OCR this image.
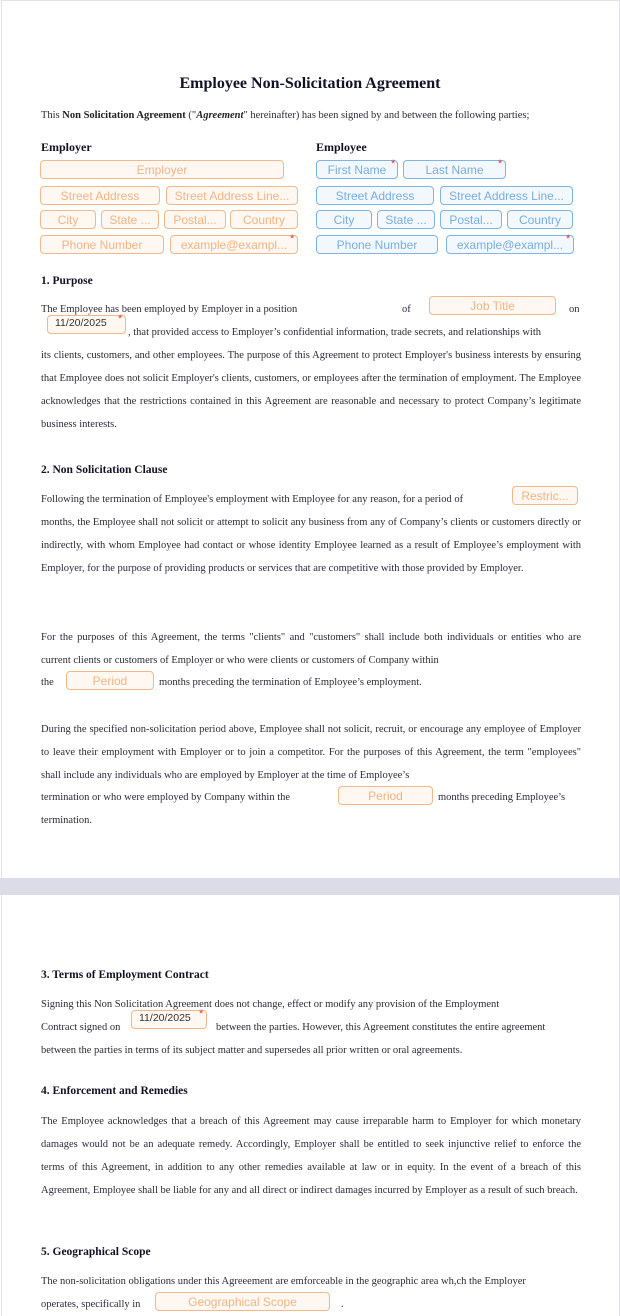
Employee Non-Solicitation Agreement
This Non Solicitation Agreement ("Agreement" hereinafter) has been signed by and between the following parties;
Employer
Employer
Street Address	Street Address Line...
City	State ...	Postal...	Country
Phone Number	example@exampl... *
Employee
First Name *	Last Name	*
Street Address	Street Address Line...
City	State ...	Postal...	Country
Phone Number	example@exampl... *
1. Purpose
The Employee has been employed by Employer in a position	of	Job Title	on
11/20/2025	*
, that provided access to Employer’s confidential information, trade secrets, and relationships with

its clients, customers, and other employees. The purpose of this Agreement to protect Employer's business interests by ensuring that Employee does not solicit Employer's clients, customers, or employees after the termination of employment. The Employee acknowledges that the restrictions contained in this Agreement are reasonable and necessary to protect Company’s legitimate business interests.

2. Non Solicitation Clause
Following the termination of Employee's employment with Employee for any reason, for a period of	Restric...

months, the Employee shall not solicit or attempt to solicit any business from any of Company’s clients or customers directly or indirectly, with whom Employee had contact or whose identity Employee learned as a result of Employee’s employment with Employer, for the purpose of providing products or services that are competitive with those provided by Employer.

For the purposes of this Agreement, the terms "clients" and "customers" shall include both individuals or entities who are current clients or customers of Employer or who were clients or customers of Company within

the	Period	months preceding the termination of Employee’s employment.

During the specified non-solicitation period above, Employee shall not solicit, recruit, or encourage any employee of Employer to leave their employment with Employer or to join a competitor. For the purposes of this Agreement, the term "employees" shall include any individuals who are employed by Employer at the time of Employee’s

termination or who were employed by Company within the	Period	months preceding Employee’s
termination.
3. Terms of Employment Contract
Signing this Non Solicitation Agreement does not change, effect or modify any provision of the Employment
Contract signed on
11/20/2025 *
between the parties. However, this Agreement constitutes the entire agreement
between the parties in terms of its subject matter and supersedes all prior written or oral agreements.
4. Enforcement and Remedies

The Employee acknowledges that a breach of this Agreement may cause irreparable harm to Employer for which monetary damages would not be an adequate remedy. Accordingly, Employer shall be entitled to seek injunctive relief to enforce the terms of this Agreement, in addition to any other remedies available at law or in equity. In the event of a breach of this Agreement, Employee shall be liable for any and all direct or indirect damages incurred by Employer as a result of such breach.

5. Geographical Scope
The non-solicitation obligations under this Agreeement are emforceable in the geographic area wh,ch the Employer
operates, specifically in	Geographical Scope	.
